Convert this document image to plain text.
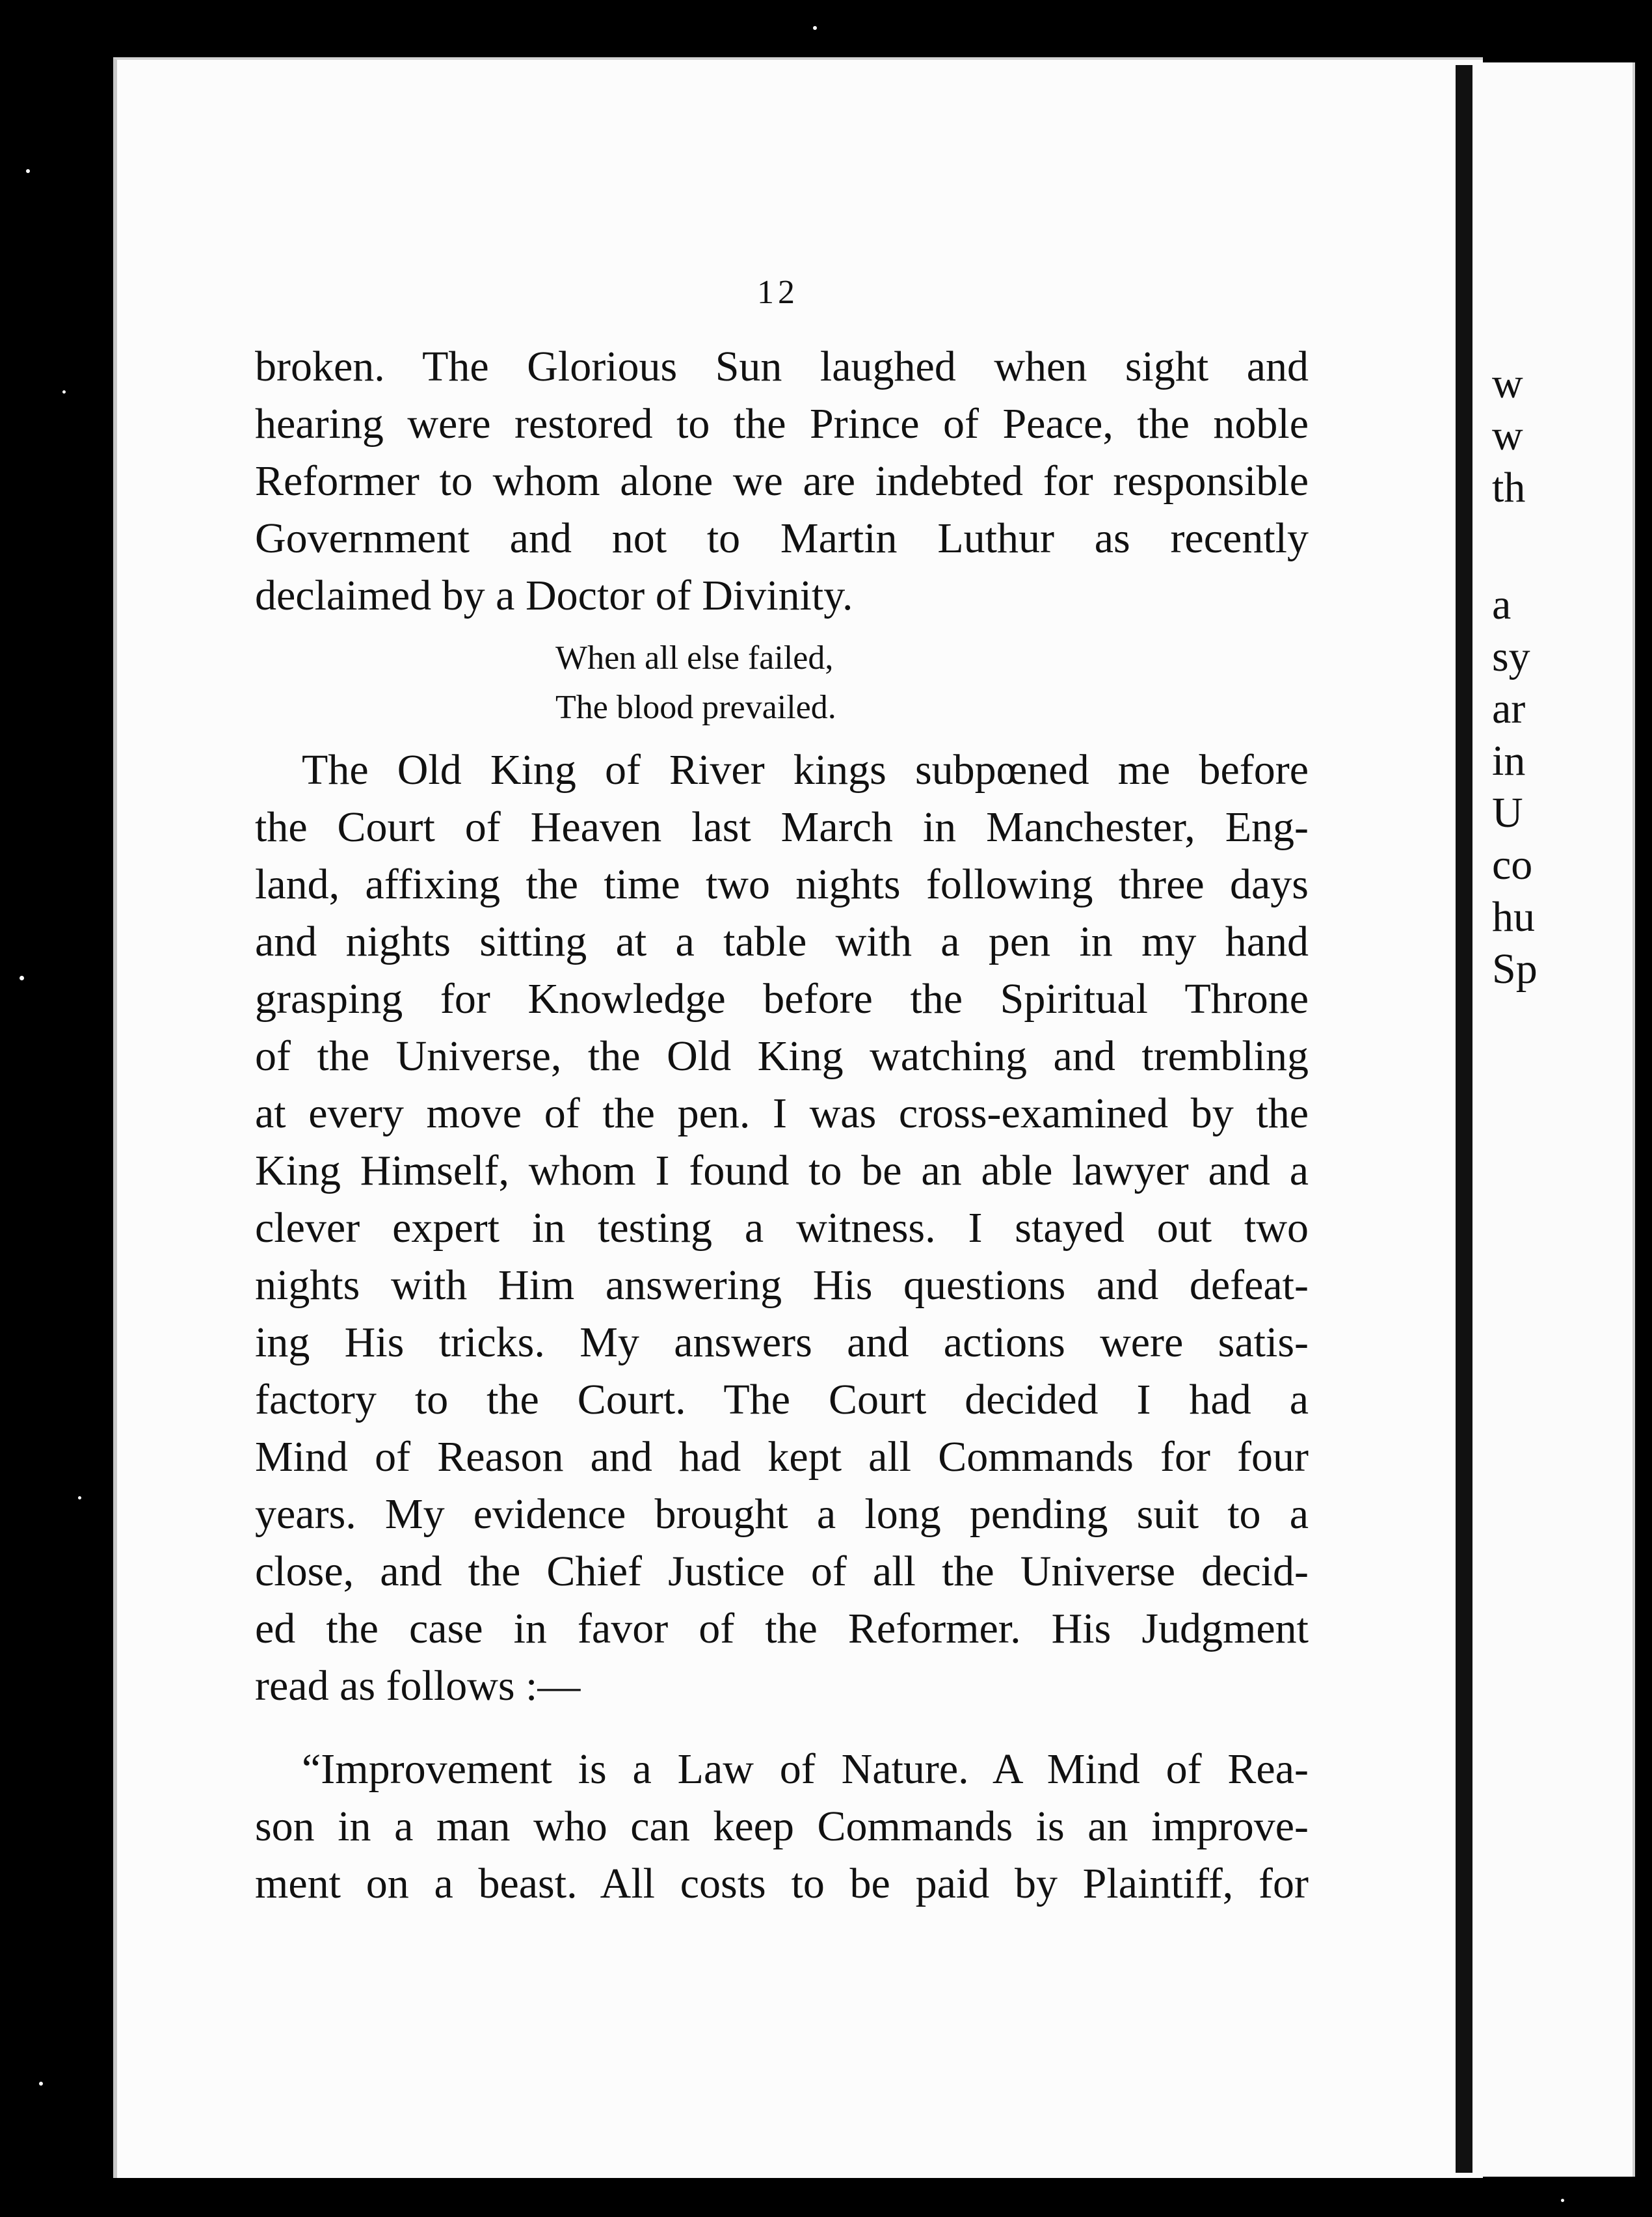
w
w
th
a
sy
ar
in
U
co
hu
Sp
12
broken. The Glorious Sun laughed when sight and
hearing were restored to the Prince of Peace, the noble
Reformer to whom alone we are indebted for responsible
Government and not to Martin Luthur as recently
declaimed by a Doctor of Divinity.
When all else failed,
The blood prevailed.
The Old King of River kings subpœned me before
the Court of Heaven last March in Manchester, Eng-
land, affixing the time two nights following three days
and nights sitting at a table with a pen in my hand
grasping for Knowledge before the Spiritual Throne
of the Universe, the Old King watching and trembling
at every move of the pen. I was cross-examined by the
King Himself, whom I found to be an able lawyer and a
clever expert in testing a witness. I stayed out two
nights with Him answering His questions and defeat-
ing His tricks. My answers and actions were satis-
factory to the Court. The Court decided I had a
Mind of Reason and had kept all Commands for four
years. My evidence brought a long pending suit to a
close, and the Chief Justice of all the Universe decid-
ed the case in favor of the Reformer. His Judgment
read as follows :—
“Improvement is a Law of Nature. A Mind of Rea-
son in a man who can keep Commands is an improve-
ment on a beast. All costs to be paid by Plaintiff, for
